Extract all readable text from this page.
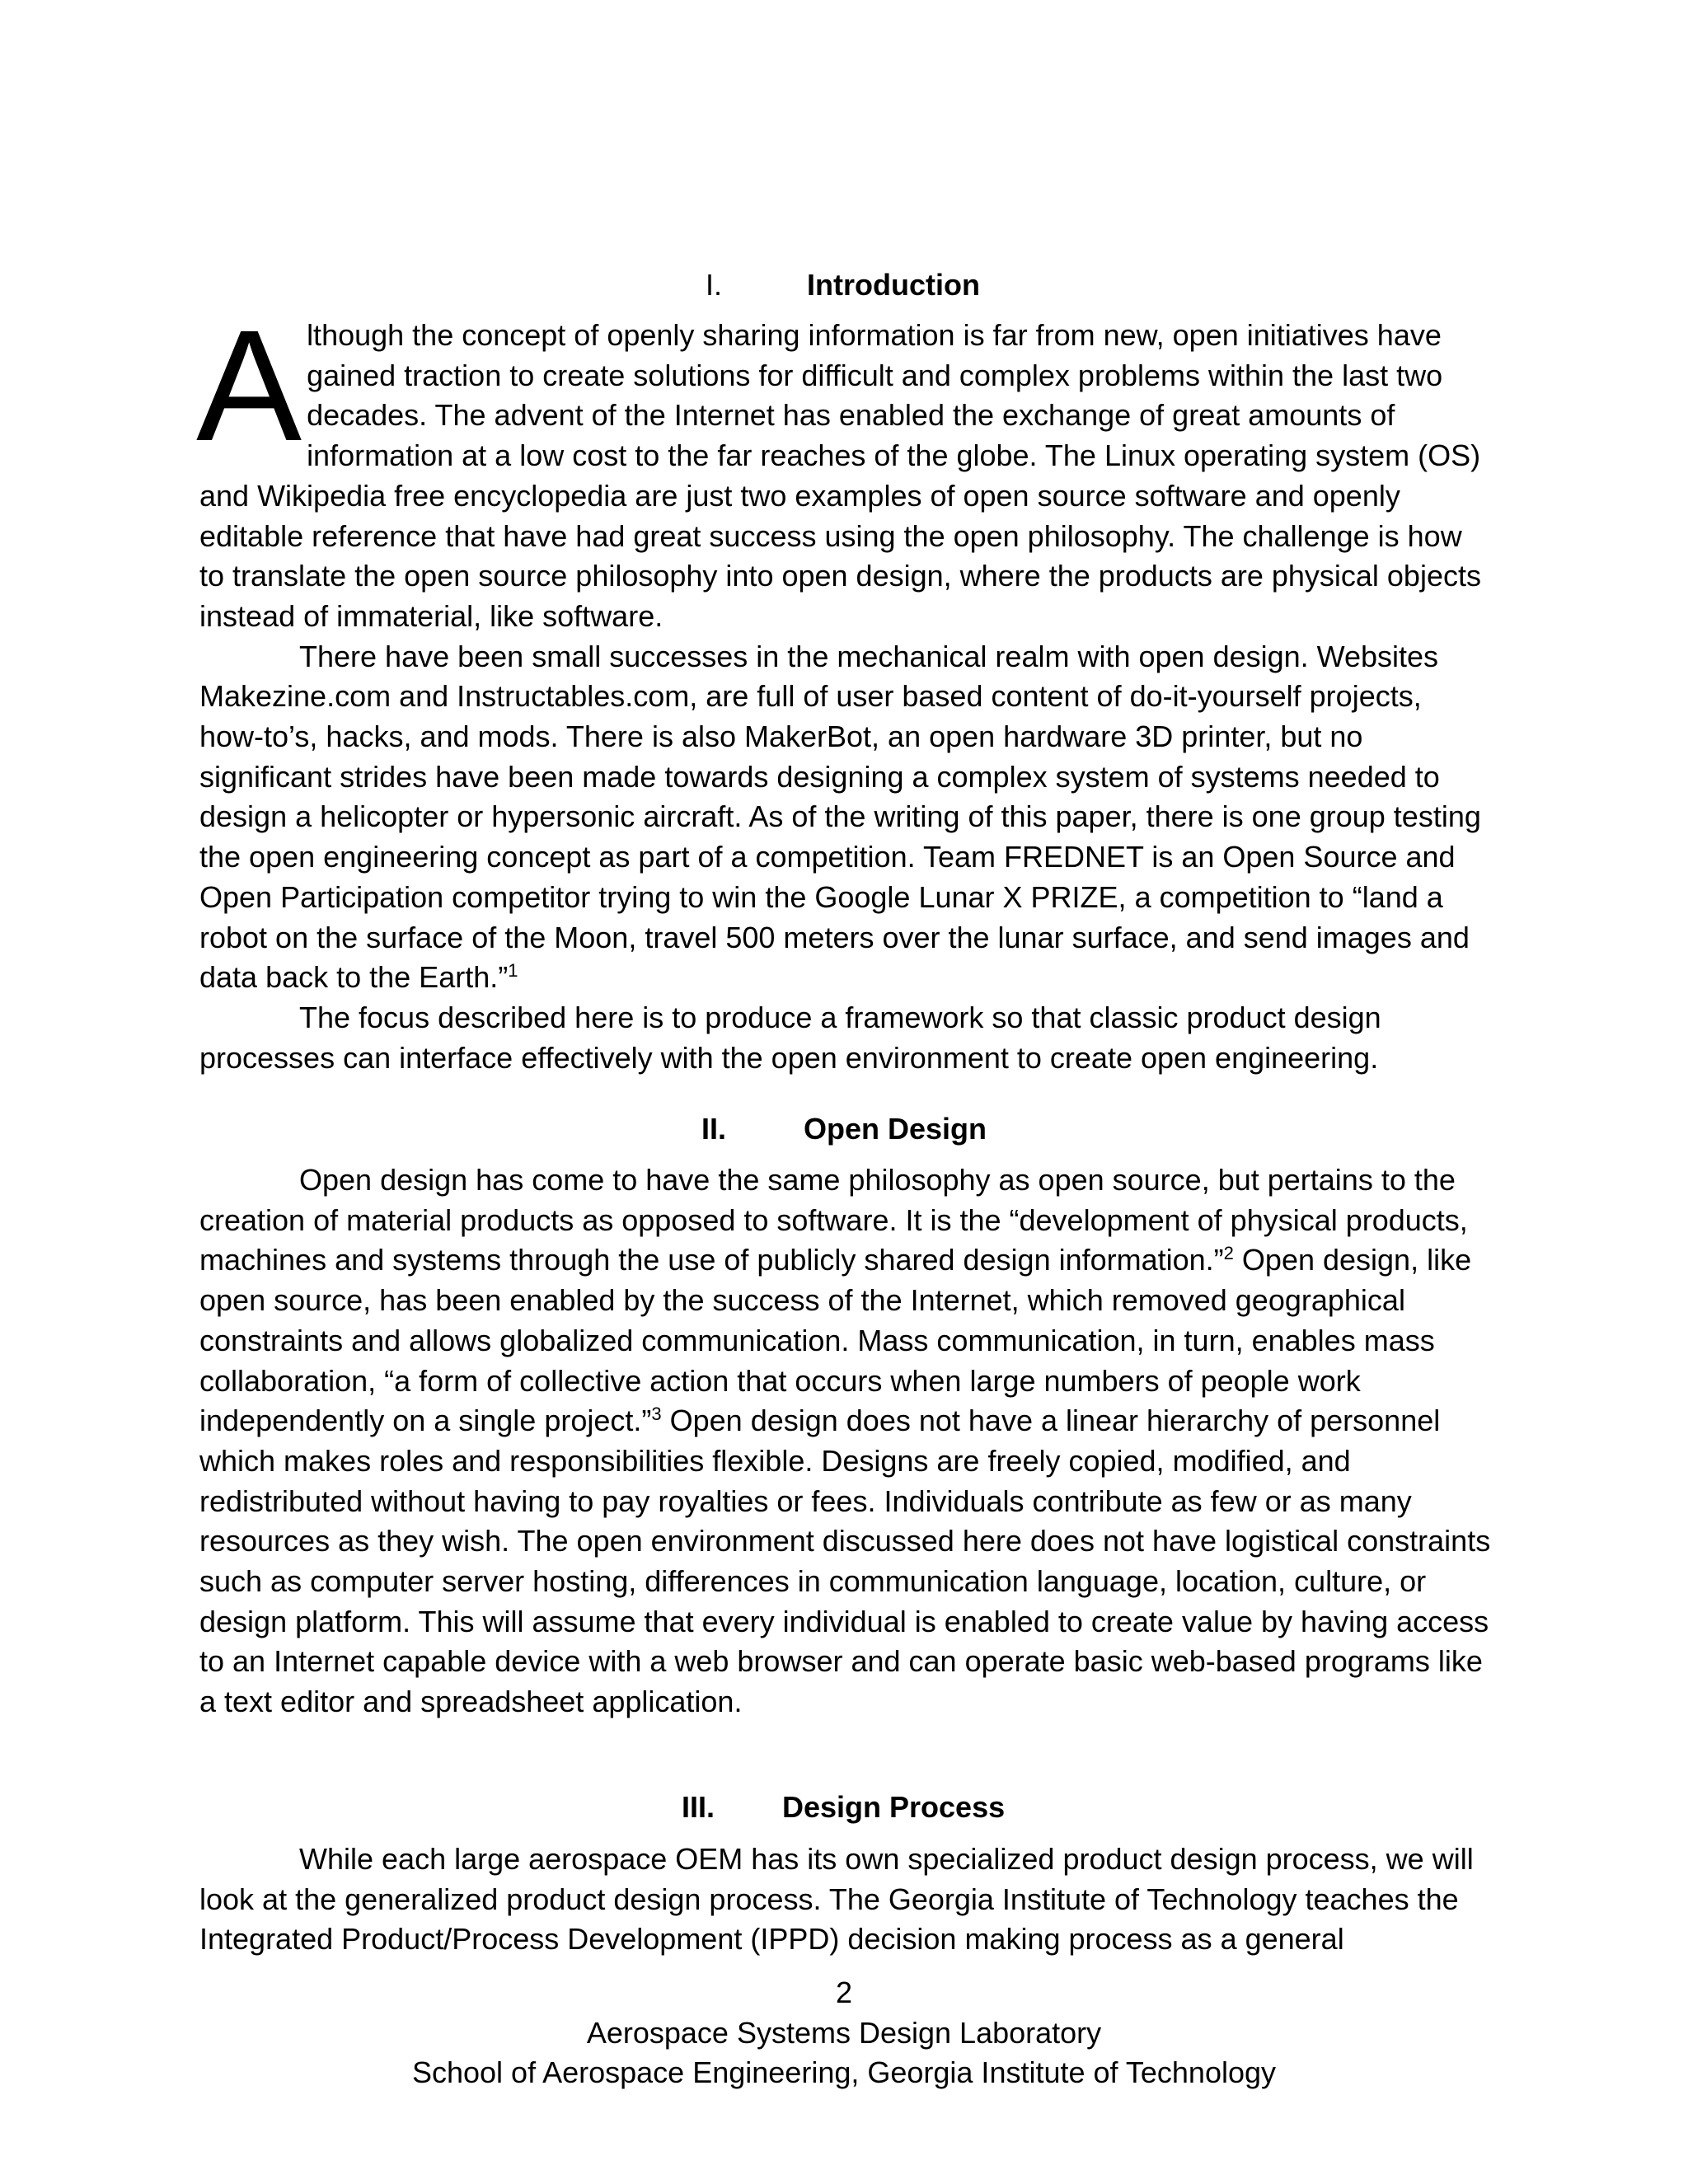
I.	Introduction

Although the concept of openly sharing information is far from new, open initiatives have gained traction to create solutions for difficult and complex problems within the last two decades. The advent of the Internet has enabled the exchange of great amounts of information at a low cost to the far reaches of the globe. The Linux operating system (OS) and Wikipedia free encyclopedia are just two examples of open source software and openly editable reference that have had great success using the open philosophy. The challenge is how to translate the open source philosophy into open design, where the products are physical objects instead of immaterial, like software.

There have been small successes in the mechanical realm with open design. Websites Makezine.com and Instructables.com, are full of user based content of do-it-yourself projects, how-to’s, hacks, and mods. There is also MakerBot, an open hardware 3D printer, but no significant strides have been made towards designing a complex system of systems needed to design a helicopter or hypersonic aircraft. As of the writing of this paper, there is one group testing the open engineering concept as part of a competition. Team FREDNET is an Open Source and Open Participation competitor trying to win the Google Lunar X PRIZE, a competition to “land a robot on the surface of the Moon, travel 500 meters over the lunar surface, and send images and data back to the Earth.”$^1$

The focus described here is to produce a framework so that classic product design processes can interface effectively with the open environment to create open engineering.

II.	Open Design

Open design has come to have the same philosophy as open source, but pertains to the creation of material products as opposed to software. It is the “development of physical products, machines and systems through the use of publicly shared design information.”$^2$ Open design, like open source, has been enabled by the success of the Internet, which removed geographical constraints and allows globalized communication. Mass communication, in turn, enables mass collaboration, “a form of collective action that occurs when large numbers of people work independently on a single project.”$^3$ Open design does not have a linear hierarchy of personnel which makes roles and responsibilities flexible. Designs are freely copied, modified, and redistributed without having to pay royalties or fees. Individuals contribute as few or as many resources as they wish. The open environment discussed here does not have logistical constraints such as computer server hosting, differences in communication language, location, culture, or design platform. This will assume that every individual is enabled to create value by having access to an Internet capable device with a web browser and can operate basic web-based programs like a text editor and spreadsheet application.

III. Design Process

While each large aerospace OEM has its own specialized product design process, we will look at the generalized product design process. The Georgia Institute of Technology teaches the Integrated Product/Process Development (IPPD) decision making process as a general

2
Aerospace Systems Design Laboratory
School of Aerospace Engineering, Georgia Institute of Technology
